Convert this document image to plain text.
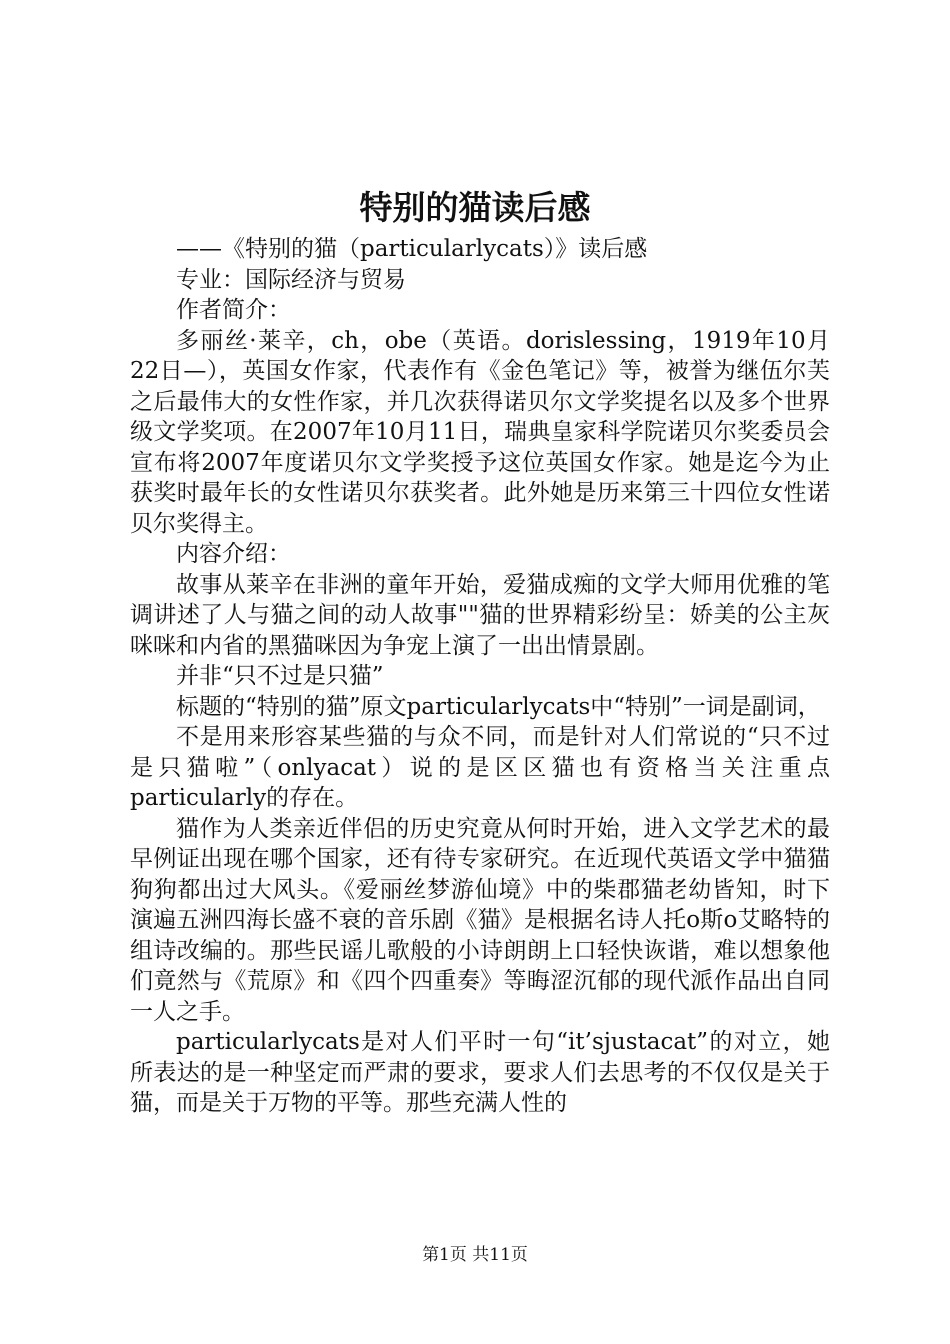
特别的猫读后感

——《特别的猫（particularlycats）》读后感

专业：国际经济与贸易

作者简介：

多丽丝·莱辛，ch，obe（英语。dorislessing，1919年10月22日—），英国女作家，代表作有《金色笔记》等，被誉为继伍尔芙之后最伟大的女性作家，并几次获得诺贝尔文学奖提名以及多个世界级文学奖项。在2007年10月11日，瑞典皇家科学院诺贝尔奖委员会宣布将2007年度诺贝尔文学奖授予这位英国女作家。她是迄今为止获奖时最年长的女性诺贝尔获奖者。此外她是历来第三十四位女性诺贝尔奖得主。

内容介绍：

故事从莱辛在非洲的童年开始，爱猫成痴的文学大师用优雅的笔调讲述了人与猫之间的动人故事""猫的世界精彩纷呈：娇美的公主灰咪咪和内省的黑猫咪因为争宠上演了一出出情景剧。

并非“只不过是只猫”

标题的“特别的猫”原文particularlycats中“特别”一词是副词，

不是用来形容某些猫的与众不同，而是针对人们常说的“只不过是只猫啦”（onlyacat）说的是区区猫也有资格当关注重点particularly的存在。

猫作为人类亲近伴侣的历史究竟从何时开始，进入文学艺术的最早例证出现在哪个国家，还有待专家研究。在近现代英语文学中猫猫狗狗都出过大风头。《爱丽丝梦游仙境》中的柴郡猫老幼皆知，时下演遍五洲四海长盛不衰的音乐剧《猫》是根据名诗人托o斯o艾略特的组诗改编的。那些民谣儿歌般的小诗朗朗上口轻快诙谐，难以想象他们竟然与《荒原》和《四个四重奏》等晦涩沉郁的现代派作品出自同一人之手。

particularlycats是对人们平时一句“it’sjustacat”的对立，她所表达的是一种坚定而严肃的要求，要求人们去思考的不仅仅是关于猫，而是关于万物的平等。那些充满人性的

第1页 共11页
